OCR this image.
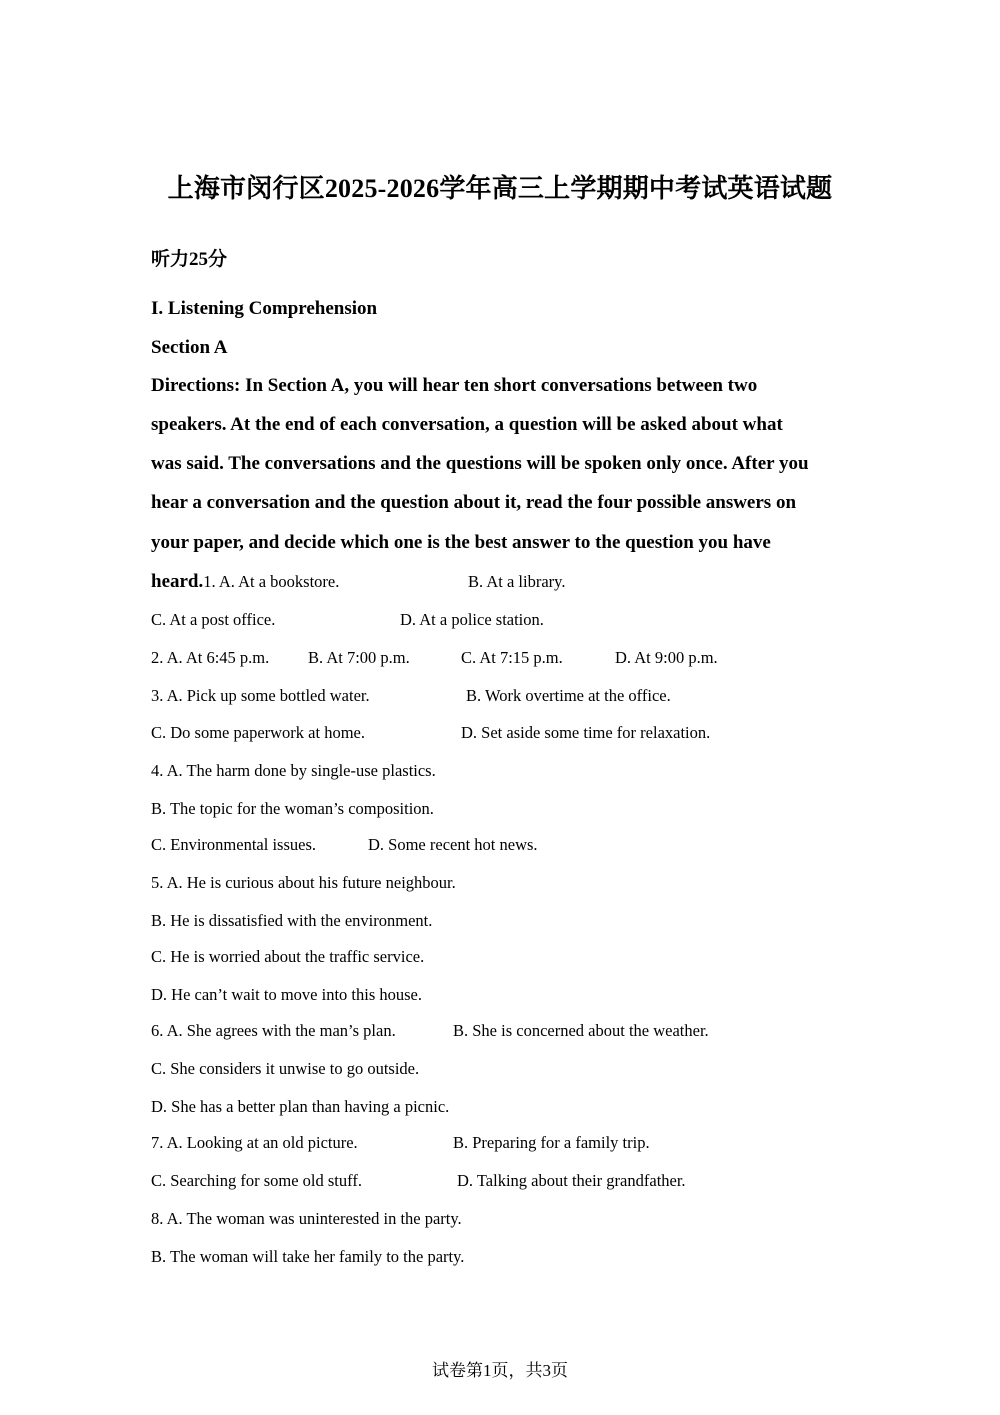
上海市闵行区2025-2026学年高三上学期期中考试英语试题
听力25分
I. Listening Comprehension
Section A
Directions: In Section A, you will hear ten short conversations between two
speakers. At the end of each conversation, a question will be asked about what
was said. The conversations and the questions will be spoken only once. After you
hear a conversation and the question about it, read the four possible answers on
your paper, and decide which one is the best answer to the question you have
heard.1. A. At a bookstore.	B. At a library.
C. At a post office.	D. At a police station.
2. A. At 6:45 p.m. B. At 7:00 p.m.	C. At 7:15 p.m.	D. At 9:00 p.m.
3. A. Pick up some bottled water.	B. Work overtime at the office.
C. Do some paperwork at home.	D. Set aside some time for relaxation.
4. A. The harm done by single-use plastics.
B. The topic for the woman’s composition.
C. Environmental issues.	D. Some recent hot news.
5. A. He is curious about his future neighbour.
B. He is dissatisfied with the environment.
C. He is worried about the traffic service.
D. He can’t wait to move into this house.
6. A. She agrees with the man’s plan.	B. She is concerned about the weather.
C. She considers it unwise to go outside.
D. She has a better plan than having a picnic.
7. A. Looking at an old picture.	B. Preparing for a family trip.
C. Searching for some old stuff.	D. Talking about their grandfather.
8. A. The woman was uninterested in the party.
B. The woman will take her family to the party.
试卷第1页，共3页
